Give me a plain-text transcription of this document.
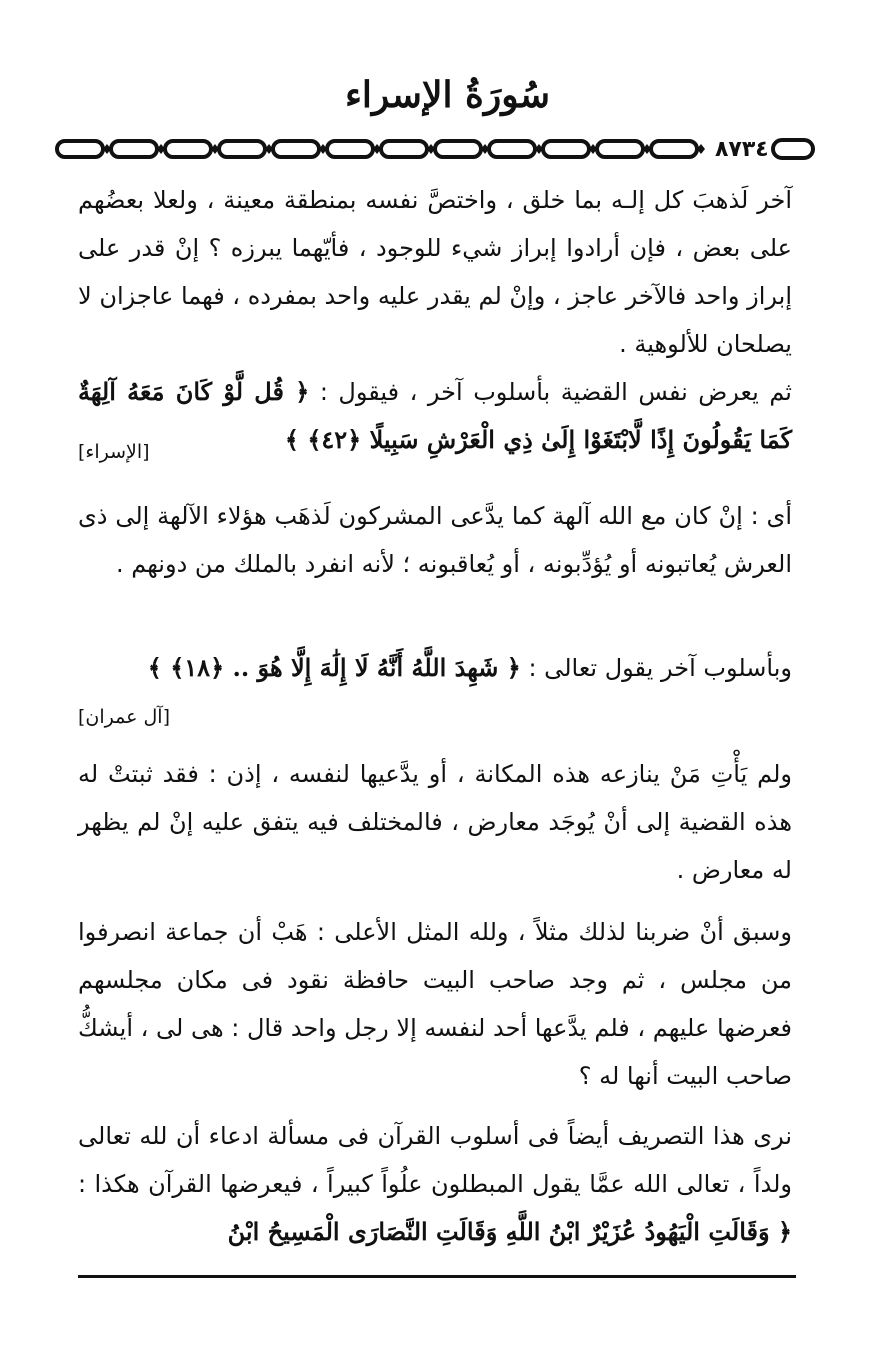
سُورَةُ الإسراء
٨٧٣٤
آخر لَذهبَ كل إلـه بما خلق ، واختصَّ نفسه بمنطقة معينة ، ولعلا بعضُهم على بعض ، فإن أرادوا إبراز شيء للوجود ، فأيّهما يبرزه ؟ إنْ قدر على إبراز واحد فالآخر عاجز ، وإنْ لم يقدر عليه واحد بمفرده ، فهما عاجزان لا يصلحان للألوهية .
ثم يعرض نفس القضية بأسلوب آخر ، فيقول : ﴿ قُل لَّوْ كَانَ مَعَهُ آلِهَةٌ كَمَا يَقُولُونَ إِذًا لَّابْتَغَوْا إِلَىٰ ذِي الْعَرْشِ سَبِيلًا ﴿٤٢﴾ ﴾
[الإسراء]
أى : إنْ كان مع الله آلهة كما يدَّعى المشركون لَذهَب هؤلاء الآلهة إلى ذى العرش يُعاتبونه أو يُؤدِّبونه ، أو يُعاقبونه ؛ لأنه انفرد بالملك من دونهم .
وبأسلوب آخر يقول تعالى : ﴿ شَهِدَ اللَّهُ أَنَّهُ لَا إِلَٰهَ إِلَّا هُوَ .. ﴿١٨﴾ ﴾
[آل عمران]
ولم يَأْتِ مَنْ ينازعه هذه المكانة ، أو يدَّعيها لنفسه ، إذن : فقد ثبتتْ له هذه القضية إلى أنْ يُوجَد معارض ، فالمختلف فيه يتفق عليه إنْ لم يظهر له معارض .
وسبق أنْ ضربنا لذلك مثلاً ، ولله المثل الأعلى : هَبْ أن جماعة انصرفوا من مجلس ، ثم وجد صاحب البيت حافظة نقود فى مكان مجلسهم فعرضها عليهم ، فلم يدَّعها أحد لنفسه إلا رجل واحد قال : هى لى ، أيشكُّ صاحب البيت أنها له ؟
نرى هذا التصريف أيضاً فى أسلوب القرآن فى مسألة ادعاء أن لله تعالى ولداً ، تعالى الله عمَّا يقول المبطلون علُواً كبيراً ، فيعرضها القرآن هكذا : ﴿ وَقَالَتِ الْيَهُودُ عُزَيْرٌ ابْنُ اللَّهِ وَقَالَتِ النَّصَارَى الْمَسِيحُ ابْنُ
